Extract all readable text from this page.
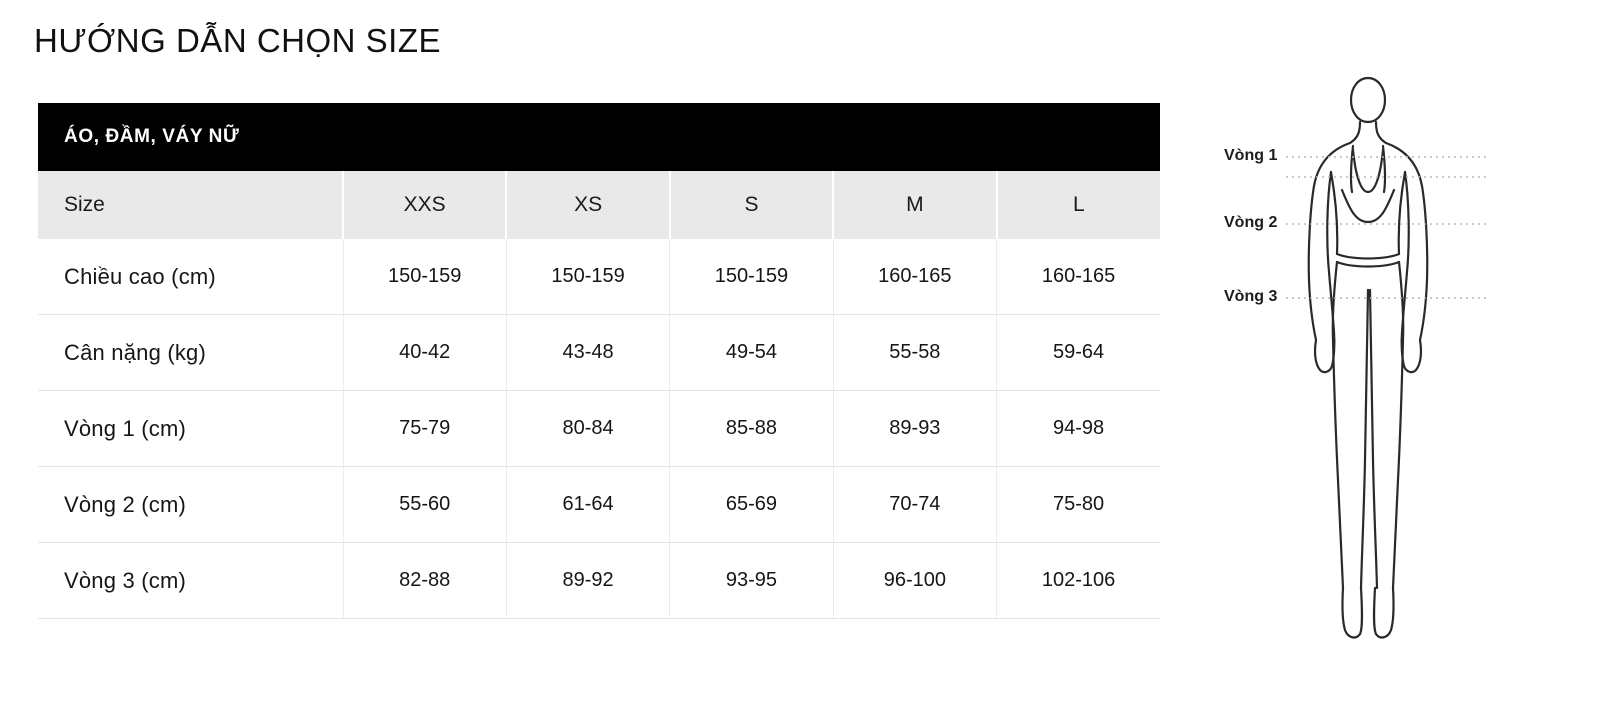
HƯỚNG DẪN CHỌN SIZE
ÁO, ĐẦM, VÁY NỮ
Size	XXS	XS	S	M	L
Chiều cao (cm)	150-159	150-159	150-159	160-165	160-165
Cân nặng (kg)	40-42	43-48	49-54	55-58	59-64
Vòng 1 (cm)	75-79	80-84	85-88	89-93	94-98
Vòng 2 (cm)	55-60	61-64	65-69	70-74	75-80
Vòng 3 (cm)	82-88	89-92	93-95	96-100	102-106
Vòng 1
Vòng 2
Vòng 3
